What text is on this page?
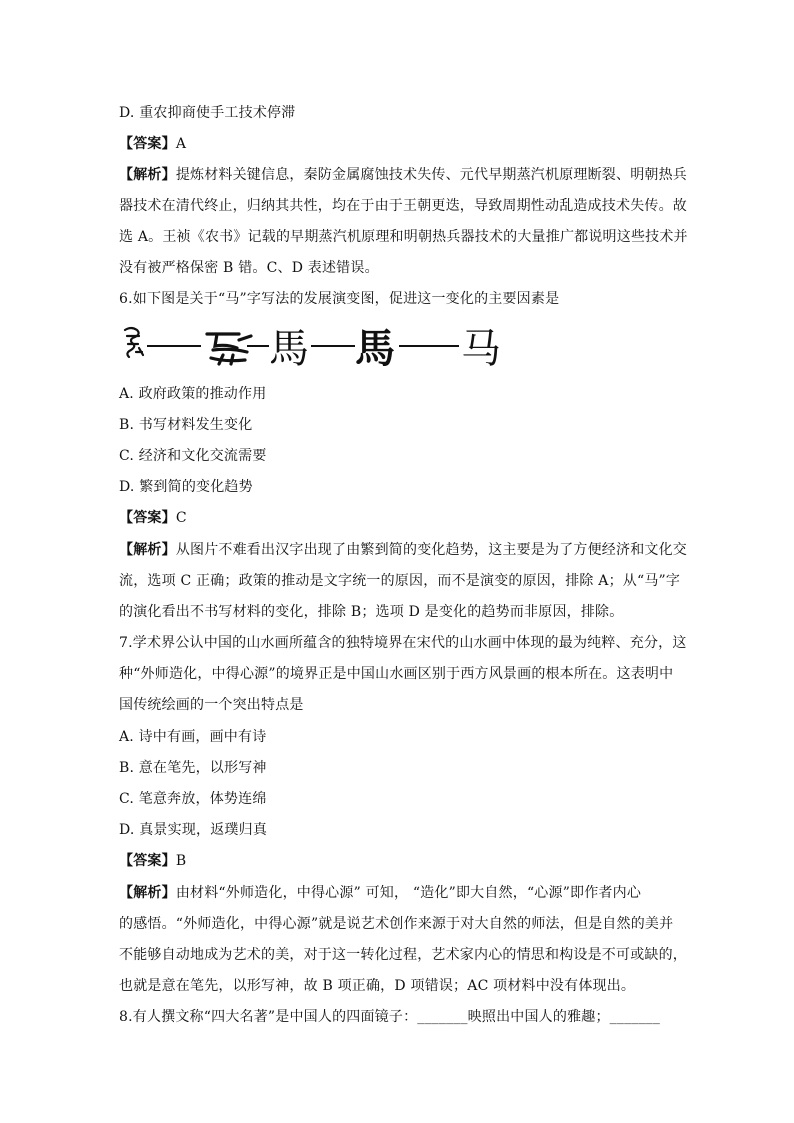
D. 重农抑商使手工技术停滞
【答案】A
【解析】提炼材料关键信息，秦防金属腐蚀技术失传、元代早期蒸汽机原理断裂、明朝热兵
器技术在清代终止，归纳其共性，均在于由于王朝更迭，导致周期性动乱造成技术失传。故
选 A。王祯《农书》记载的早期蒸汽机原理和明朝热兵器技术的大量推广都说明这些技术并
没有被严格保密 B 错。C、D 表述错误。
6.如下图是关于“马”字写法的发展演变图，促进这一变化的主要因素是
馬 馬 马
A. 政府政策的推动作用
B. 书写材料发生变化
C. 经济和文化交流需要
D. 繁到简的变化趋势
【答案】C
【解析】从图片不难看出汉字出现了由繁到简的变化趋势，这主要是为了方便经济和文化交
流，选项 C 正确；政策的推动是文字统一的原因，而不是演变的原因，排除 A；从“马”字
的演化看出不书写材料的变化，排除 B；选项 D 是变化的趋势而非原因，排除。
7.学术界公认中国的山水画所蕴含的独特境界在宋代的山水画中体现的最为纯粹、充分，这
种“外师造化，中得心源”的境界正是中国山水画区别于西方风景画的根本所在。这表明中
国传统绘画的一个突出特点是
A. 诗中有画，画中有诗
B. 意在笔先，以形写神
C. 笔意奔放，体势连绵
D. 真景实现，返璞归真
【答案】B
【解析】由材料“外师造化，中得心源” 可知， “造化”即大自然，“心源”即作者内心
的感悟。“外师造化，中得心源”就是说艺术创作来源于对大自然的师法，但是自然的美并
不能够自动地成为艺术的美，对于这一转化过程，艺术家内心的情思和构设是不可或缺的，
也就是意在笔先，以形写神，故 B 项正确，D 项错误；AC 项材料中没有体现出。
8.有人撰文称“四大名著”是中国人的四面镜子：_______映照出中国人的雅趣；_______
